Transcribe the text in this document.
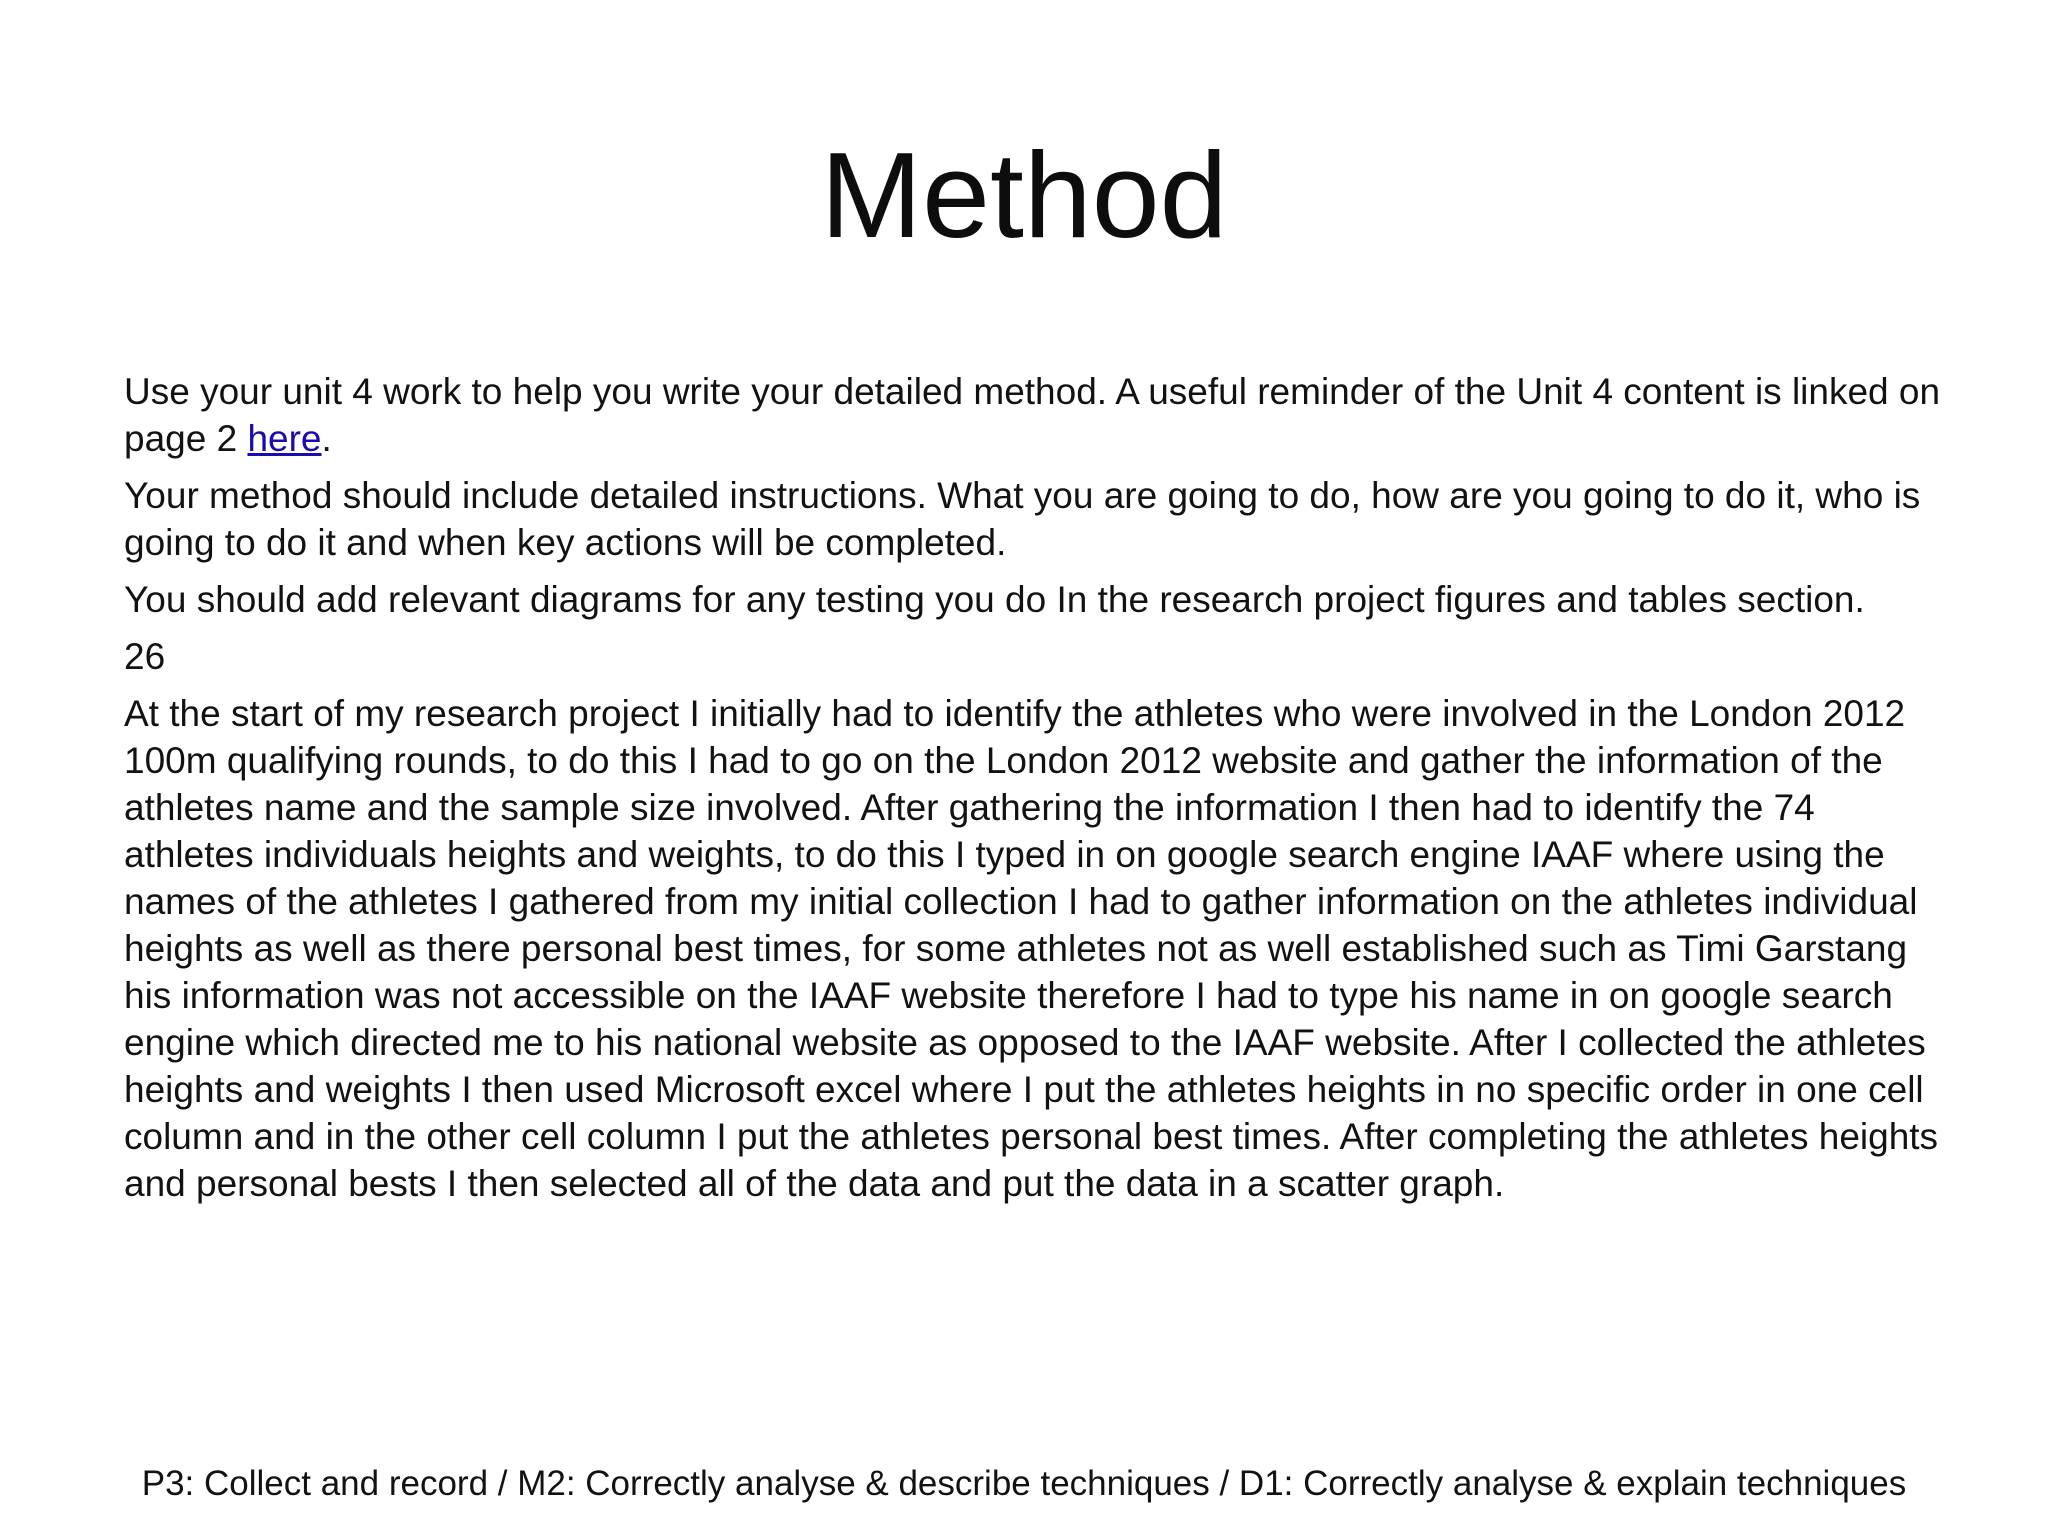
Method

Use your unit 4 work to help you write your detailed method. A useful reminder of the Unit 4 content is linked on page 2 here.

Your method should include detailed instructions. What you are going to do, how are you going to do it, who is going to do it and when key actions will be completed.

You should add relevant diagrams for any testing you do In the research project figures and tables section.

26

At the start of my research project I initially had to identify the athletes who were involved in the London 2012 100m qualifying rounds, to do this I had to go on the London 2012 website and gather the information of the athletes name and the sample size involved. After gathering the information I then had to identify the 74 athletes individuals heights and weights, to do this I typed in on google search engine IAAF where using the names of the athletes I gathered from my initial collection I had to gather information on the athletes individual heights as well as there personal best times, for some athletes not as well established such as Timi Garstang his information was not accessible on the IAAF website therefore I had to type his name in on google search engine which directed me to his national website as opposed to the IAAF website. After I collected the athletes heights and weights I then used Microsoft excel where I put the athletes heights in no specific order in one cell column and in the other cell column I put the athletes personal best times. After completing the athletes heights and personal bests I then selected all of the data and put the data in a scatter graph.

P3: Collect and record / M2: Correctly analyse & describe techniques / D1: Correctly analyse & explain techniques
